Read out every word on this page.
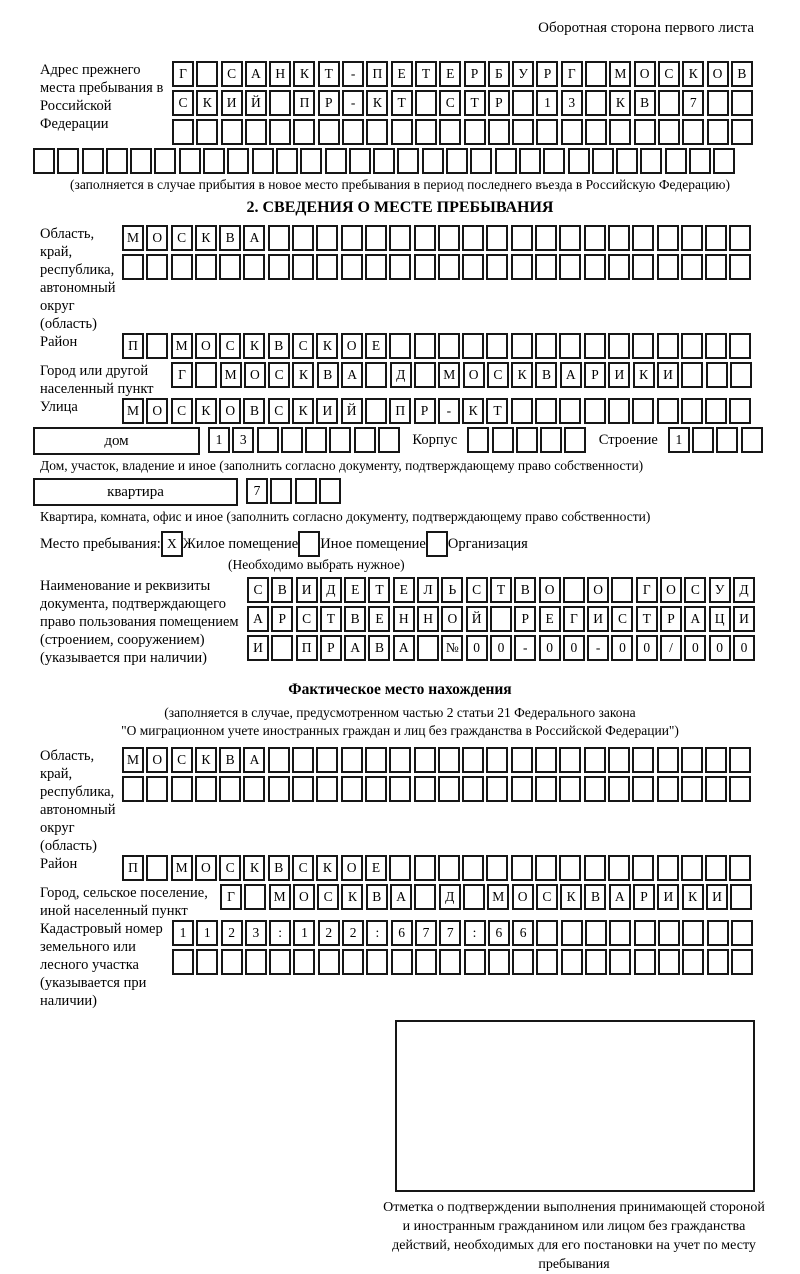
Оборотная сторона первого листа
Адрес прежнего места пребывания в Российской Федерации
Г	С А Н К Т - П Е Т Е Р Б У Р Г	М О С К О В
С К И Й	П Р - К Т	С Т Р	1 3	К В	7
(заполняется в случае прибытия в новое место пребывания в период последнего въезда в Российскую Федерацию)
2. СВЕДЕНИЯ О МЕСТЕ ПРЕБЫВАНИЯ
Область, край, республика, автономный округ (область)
М О С К В А
Район	П	М О С К В С К О Е
Город или другой населенный пункт
Г	М О С К В А	Д	М О С К В А Р И К И
Улица	М О С К О В С К И Й	П Р - К Т
дом	1 3	Корпус	Строение	1
Дом, участок, владение и иное (заполнить согласно документу, подтверждающему право собственности)
квартира	7
Квартира, комната, офис и иное (заполнить согласно документу, подтверждающему право собственности)
Место пребывания: X Жилое помещение Иное помещение Организация
(Необходимо выбрать нужное)
Наименование и реквизиты документа, подтверждающего право пользования помещением (строением, сооружением) (указывается при наличии)
С В И Д Е Т Е Л Ь С Т В О	О	Г О С У Д
А Р С Т В Е Н Н О Й	Р Е Г И С Т Р А Ц И
И	П Р А В А	№ 0 0 - 0 0 - 0 0 / 0 0 0
Фактическое место нахождения
(заполняется в случае, предусмотренном частью 2 статьи 21 Федерального закона
"О миграционном учете иностранных граждан и лиц без гражданства в Российской Федерации")
Область, край, республика, автономный округ (область)
М О С К В А
Район	П	М О С К В С К О Е
Город, сельское поселение, иной населенный пункт
Г	М О С К В А	Д	М О С К В А Р И К И
Кадастровый номер земельного или лесного участка (указывается при наличии)
1 1 2 3 : 1 2 2 : 6 7 7 : 6 6
Отметка о подтверждении выполнения принимающей стороной и иностранным гражданином или лицом без гражданства действий, необходимых для его постановки на учет по месту пребывания
